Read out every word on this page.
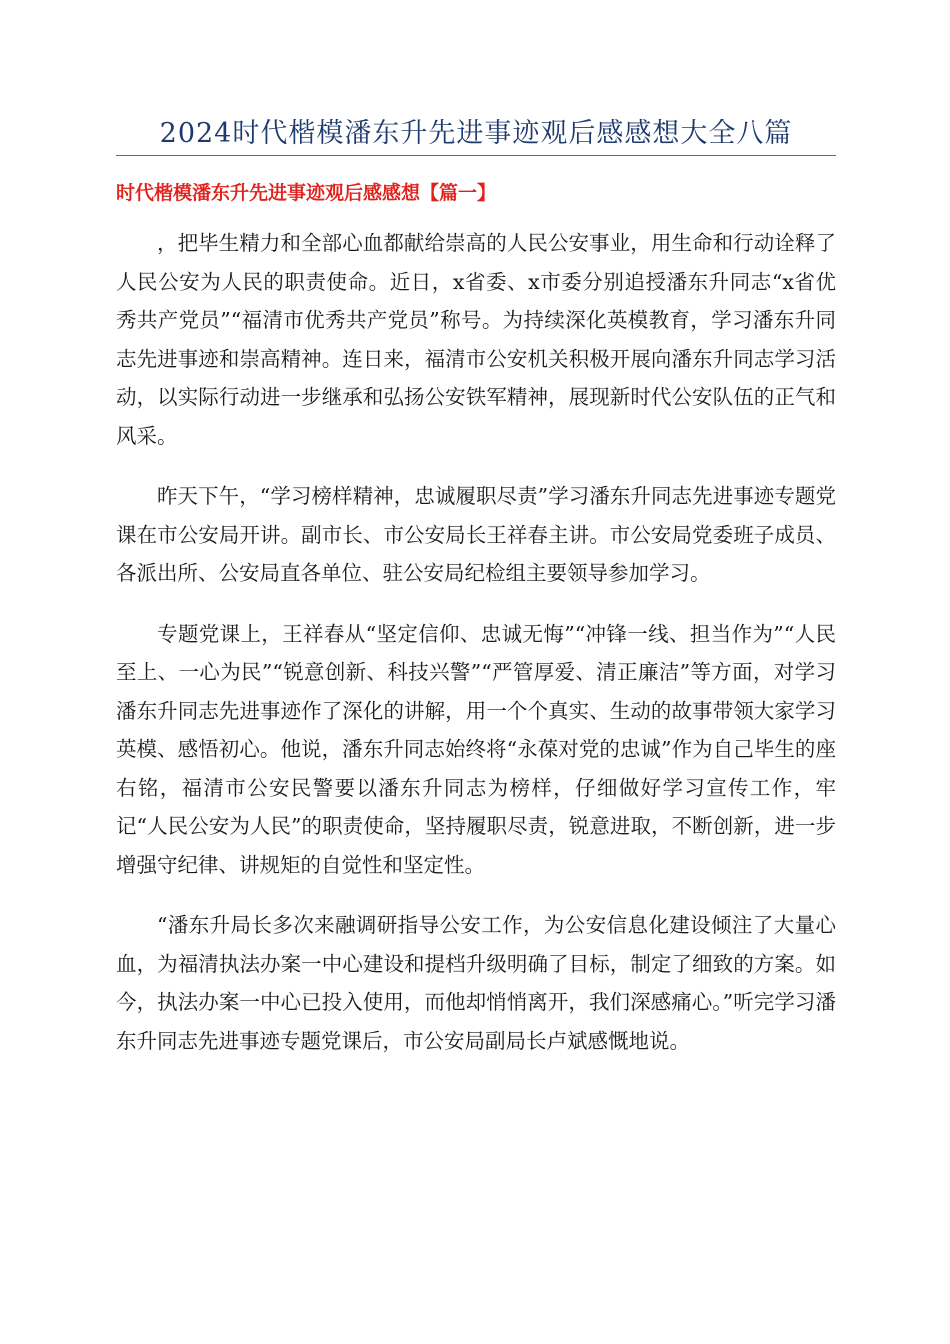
2024时代楷模潘东升先进事迹观后感感想大全八篇
时代楷模潘东升先进事迹观后感感想【篇一】

，把毕生精力和全部心血都献给崇高的人民公安事业，用生命和行动诠释了人民公安为人民的职责使命。近日，x省委、x市委分别追授潘东升同志“x省优秀共产党员”“福清市优秀共产党员”称号。为持续深化英模教育，学习潘东升同志先进事迹和崇高精神。连日来，福清市公安机关积极开展向潘东升同志学习活动，以实际行动进一步继承和弘扬公安铁军精神，展现新时代公安队伍的正气和风采。

昨天下午，“学习榜样精神，忠诚履职尽责”学习潘东升同志先进事迹专题党课在市公安局开讲。副市长、市公安局长王祥春主讲。市公安局党委班子成员、各派出所、公安局直各单位、驻公安局纪检组主要领导参加学习。

专题党课上，王祥春从“坚定信仰、忠诚无悔”“冲锋一线、担当作为”“人民至上、一心为民”“锐意创新、科技兴警”“严管厚爱、清正廉洁”等方面，对学习潘东升同志先进事迹作了深化的讲解，用一个个真实、生动的故事带领大家学习英模、感悟初心。他说，潘东升同志始终将“永葆对党的忠诚”作为自己毕生的座右铭，福清市公安民警要以潘东升同志为榜样，仔细做好学习宣传工作，牢记“人民公安为人民”的职责使命，坚持履职尽责，锐意进取，不断创新，进一步增强守纪律、讲规矩的自觉性和坚定性。

“潘东升局长多次来融调研指导公安工作，为公安信息化建设倾注了大量心血，为福清执法办案一中心建设和提档升级明确了目标，制定了细致的方案。如今，执法办案一中心已投入使用，而他却悄悄离开，我们深感痛心。”听完学习潘东升同志先进事迹专题党课后，市公安局副局长卢斌感慨地说。
